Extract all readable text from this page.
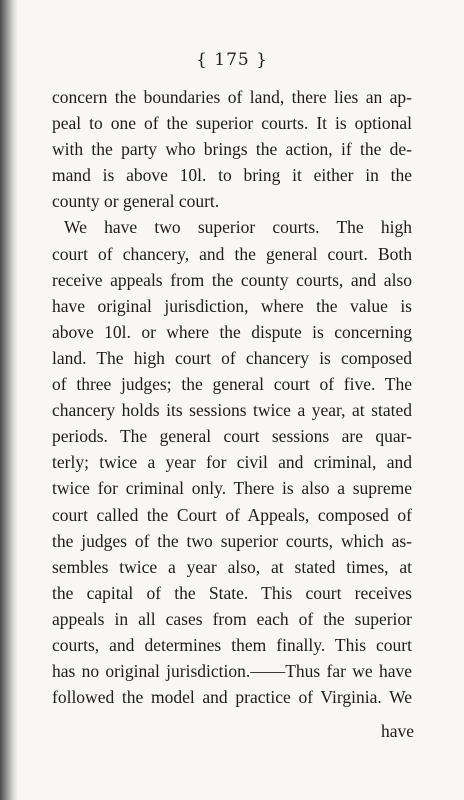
{ 175 }
concern the boundaries of land, there lies an ap-
peal to one of the superior courts. It is optional
with the party who brings the action, if the de-
mand is above 10l. to bring it either in the
county or general court.
We have two superior courts. The high
court of chancery, and the general court. Both
receive appeals from the county courts, and also
have original jurisdiction, where the value is
above 10l. or where the dispute is concerning
land. The high court of chancery is composed
of three judges; the general court of five. The
chancery holds its sessions twice a year, at stated
periods. The general court sessions are quar-
terly; twice a year for civil and criminal, and
twice for criminal only. There is also a supreme
court called the Court of Appeals, composed of
the judges of the two superior courts, which as-
sembles twice a year also, at stated times, at
the capital of the State. This court receives
appeals in all cases from each of the superior
courts, and determines them finally. This court
has no original jurisdiction.——Thus far we have
followed the model and practice of Virginia. We
have
